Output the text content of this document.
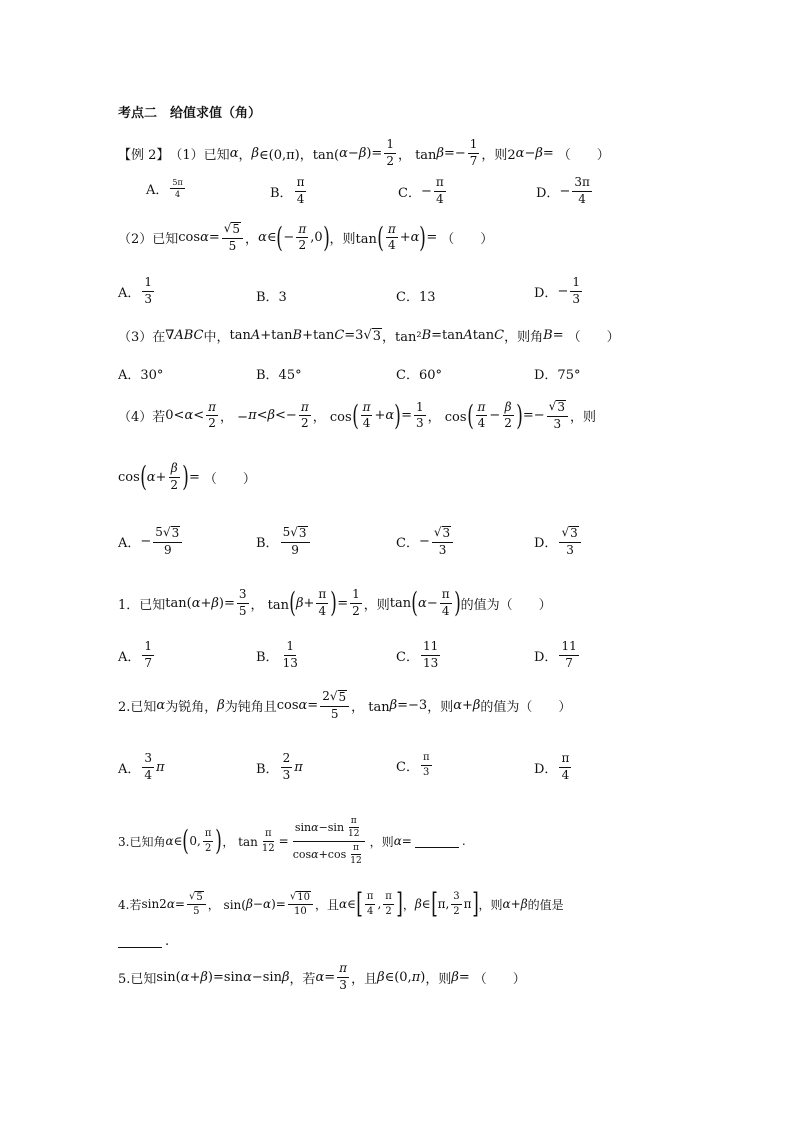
考点二　给值求值（角）
【例 2】 （1）已知 α ， β ∈(0,π)，tan( α − β )= $\frac{1}{2}$ ， $\tan \beta =- \frac{1}{7}$ ，则2 α − β = （　　）
A． $\frac{5\pi}{4}$	B． $\frac{\pi}{4}$	C． − $\frac{\pi}{4}$	D． − $\frac{3\pi}{4}$
（2）已知 $\cos \alpha = \frac{√ 5}{5}$ ， α ∈ ( − $\frac{\pi}{2} ,0$ ) ，则tan ( $\frac{\pi}{4} + \alpha$ ) = （　　）
A． $\frac{1}{3}$	B．3	C．13	D． − $\frac{1}{3}$
（3）在 ∇ABC 中， tan A +tan B +tan C =3 √ 3 ，tan² B =tan A tan C ，则角 B = （　　）
A．30°	B．45°	C．60°	D．75°
（4）若 $0< \alpha < \frac{\pi}{2}$ ， − $\pi < \beta <- \frac{\pi}{2}$ ， cos ( $\frac{\pi}{4} + \alpha$ ) = $\frac{1}{3}$ ， cos ( $\frac{\pi}{4} - \frac{\beta}{2}$ ) =− $\frac{√ 3}{3}$ ，则
cos ( $\alpha + \frac{\beta}{2}$ ) = （　　）
A． − $\frac{5√ 3}{9}$	B． $\frac{5√ 3}{9}$	C． − $\frac{√ 3}{3}$	D． $\frac{√ 3}{3}$
1．已知 tan( α + β )= $\frac{3}{5}$ ， tan ( $\beta + \frac{\pi}{4}$ ) = $\frac{1}{2}$ ，则 tan ( $\alpha - \frac{\pi}{4}$ ) 的值为（　　）
A． $\frac{1}{7}$	B． $\frac{1}{13}$	C． $\frac{11}{13}$	D． $\frac{11}{7}$
2.已知 α 为锐角， β 为钝角且 $\cos \alpha = \frac{2√ 5}{5}$ ， tan β =−3 ，则 α + β 的值为（　　）
A． $\frac{3}{4}$ π	B． $\frac{2}{3}$ π	C． $\frac{\pi}{3}$	D． $\frac{\pi}{4}$
3.已知角 α ∈ ( 0, $\frac{\pi}{2}$ ) ， $\tan \frac{\pi}{12} = \frac{\sin\alpha-\sin \frac{\pi}{12}}{\cos\alpha+\cos \frac{\pi}{12}}$ ，则 α =	.
4.若 sin2 $\alpha = \frac{√ 5}{5}$ ， sin( β − α )= $\frac{√ 10}{10}$ ，且 α ∈ [ $\frac{\pi}{4}$ , $\frac{\pi}{2}$ ] ， β ∈ [ π, $\frac{3}{2}$ π ] ，则 α + β 的值是
.
5.已知 sin( α + β )=sin α −sin β ，若 $\alpha = \frac{\pi}{3}$ ，且 β ∈(0, π ) ，则 β = （　　）
